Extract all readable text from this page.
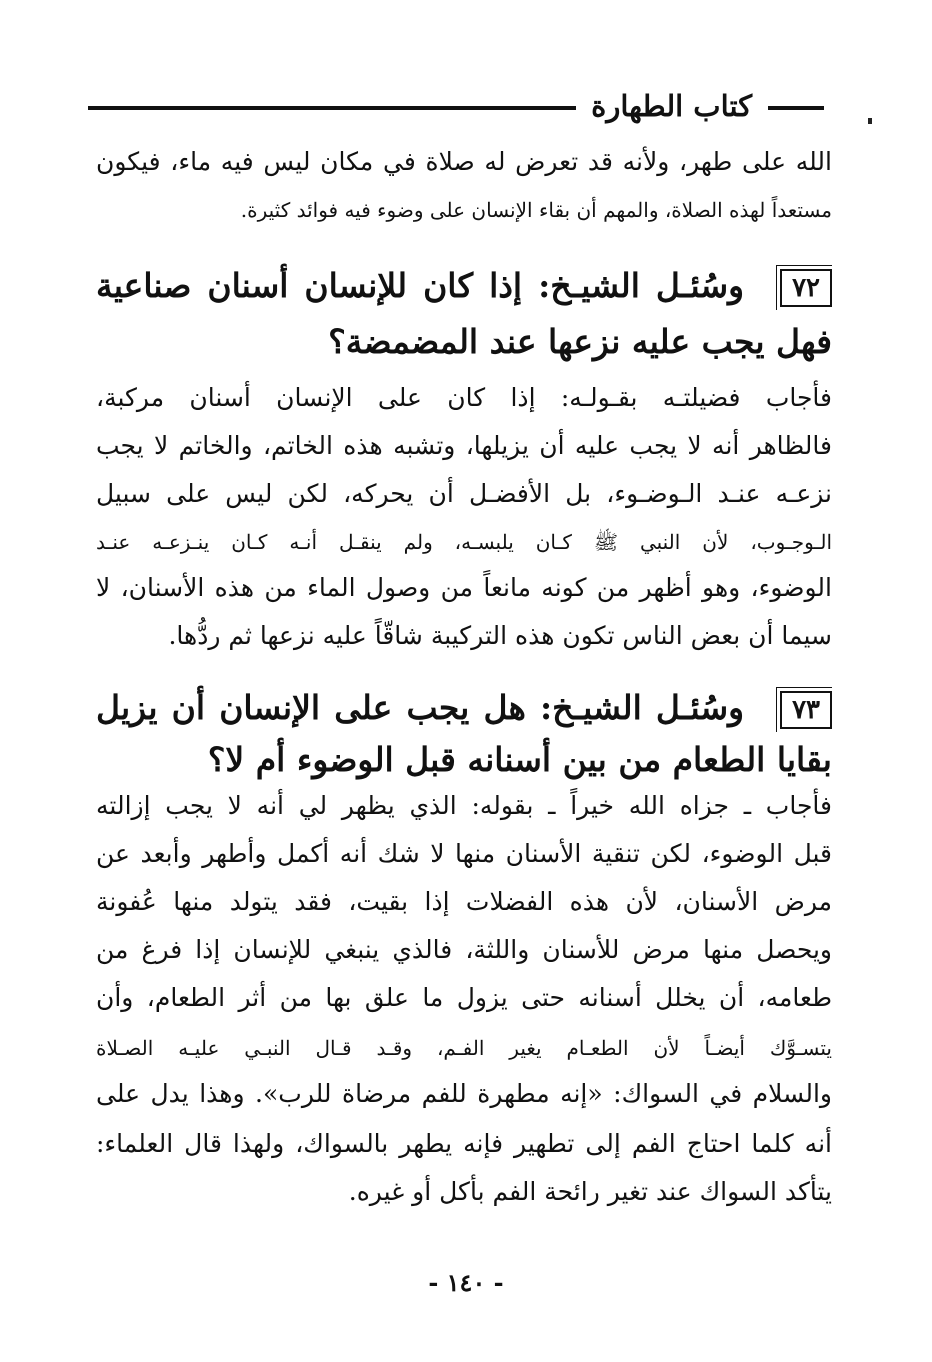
كتاب الطهارة
الله على طهر، ولأنه قد تعرض له صلاة في مكان ليس فيه ماء، فيكون
مستعداً لهذه الصلاة، والمهم أن بقاء الإنسان على وضوء فيه فوائد كثيرة.
٧٢وسُئـل الشيـخ: إذا كان للإنسان أسنان صناعية
فهل يجب عليه نزعها عند المضمضة؟
فأجاب فضيلتـه بقـولـه: إذا كان على الإنسان أسنان مركبة،
فالظاهر أنه لا يجب عليه أن يزيلها، وتشبه هذه الخاتم، والخاتم لا يجب
نزعـه عنـد الـوضـوء، بل الأفضـل أن يحركه، لكن ليس على سبيل
الـوجـوب، لأن النبي ﷺ كـان يلبسـه، ولم ينقـل أنـه كـان ينـزعـه عنـد
الوضوء، وهو أظهر من كونه مانعاً من وصول الماء من هذه الأسنان، لا
سيما أن بعض الناس تكون هذه التركيبة شاقّاً عليه نزعها ثم ردُّها.
٧٣وسُئـل الشيـخ: هل يجب على الإنسان أن يزيل
بقايا الطعام من بين أسنانه قبل الوضوء أم لا؟
فأجاب ـ جزاه الله خيراً ـ بقوله: الذي يظهر لي أنه لا يجب إزالته
قبل الوضوء، لكن تنقية الأسنان منها لا شك أنه أكمل وأطهر وأبعد عن
مرض الأسنان، لأن هذه الفضلات إذا بقيت، فقد يتولد منها عُفونة
ويحصل منها مرض للأسنان واللثة، فالذي ينبغي للإنسان إذا فرغ من
طعامه، أن يخلل أسنانه حتى يزول ما علق بها من أثر الطعام، وأن
يتسـوَّك أيضـاً لأن الطعـام يغير الفـم، وقـد قـال النبـي عليـه الصـلاة
والسلام في السواك: «إنه مطهرة للفم مرضاة للرب». وهذا يدل على
أنه كلما احتاج الفم إلى تطهير فإنه يطهر بالسواك، ولهذا قال العلماء:
يتأكد السواك عند تغير رائحة الفم بأكل أو غيره.
- ١٤٠ -
